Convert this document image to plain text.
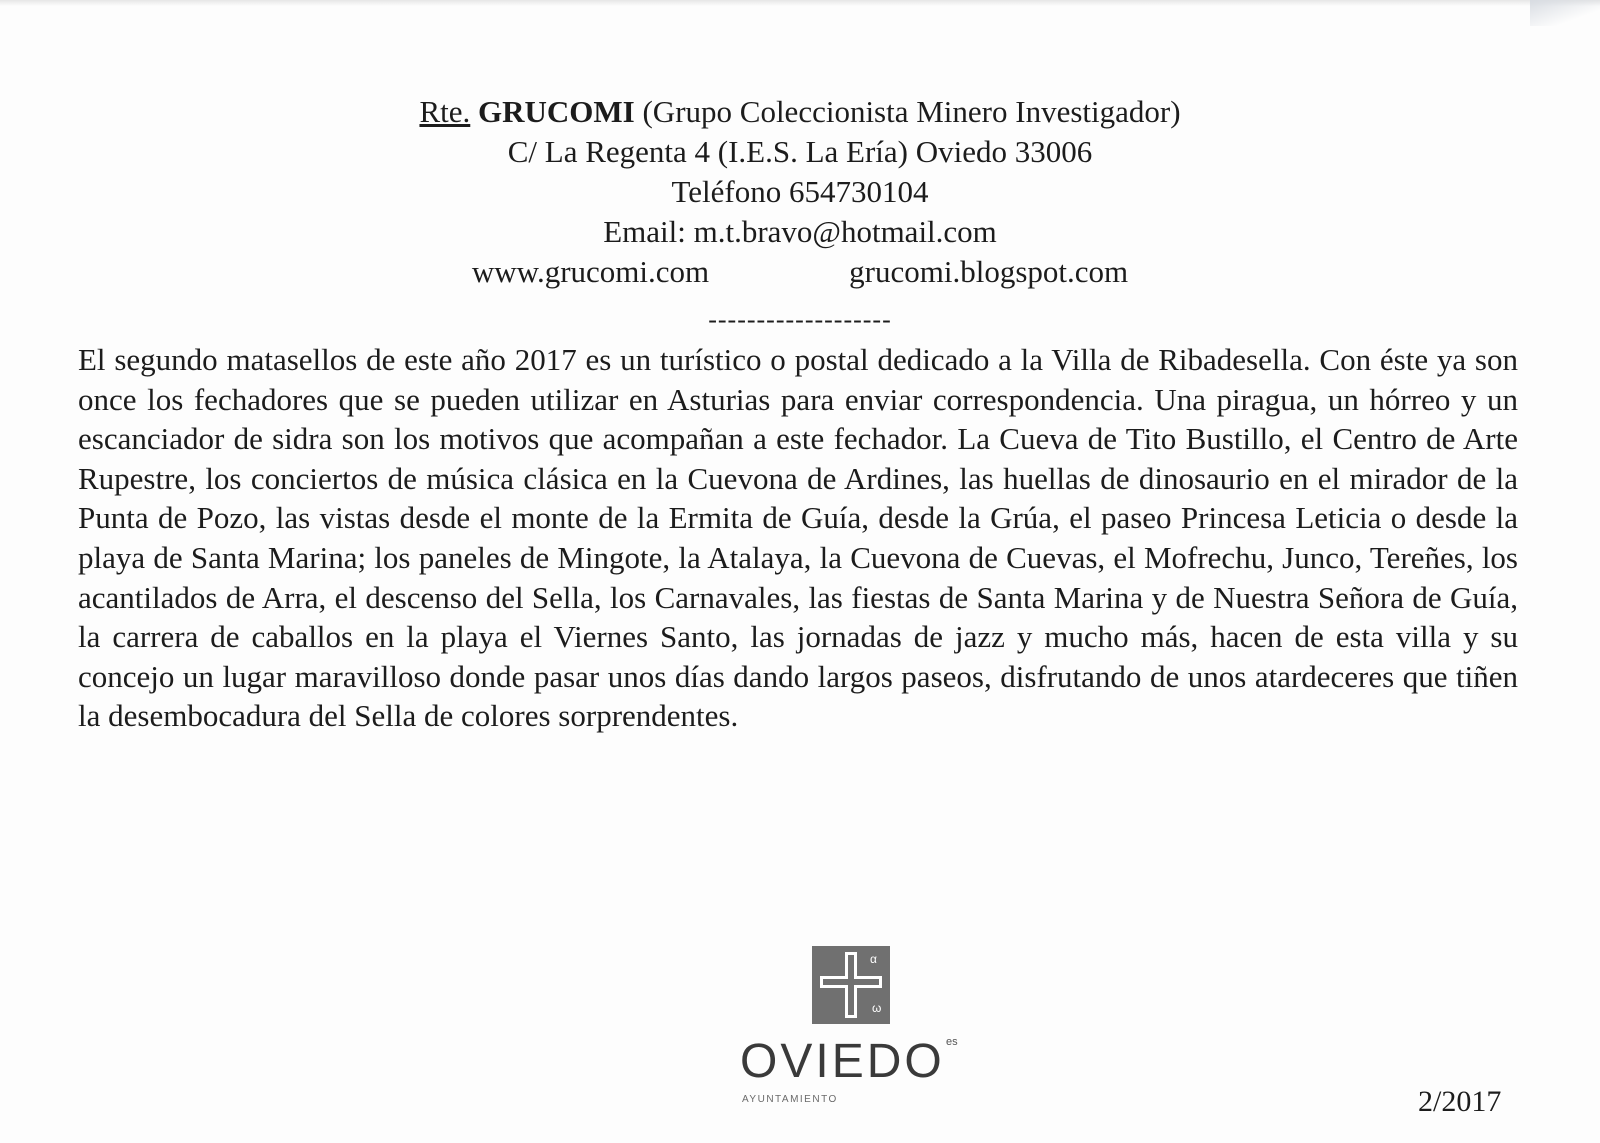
Rte. GRUCOMI (Grupo Coleccionista Minero Investigador)
C/ La Regenta 4 (I.E.S. La Ería) Oviedo 33006
Teléfono 654730104
Email: m.t.bravo@hotmail.com
www.grucomi.com	grucomi.blogspot.com
-------------------

El segundo matasellos de este año 2017 es un turístico o postal dedicado a la Villa de Ribadesella. Con éste ya son once los fechadores que se pueden utilizar en Asturias para enviar correspondencia. Una piragua, un hórreo y un escanciador de sidra son los motivos que acompañan a este fechador. La Cueva de Tito Bustillo, el Centro de Arte Rupestre, los conciertos de música clásica en la Cuevona de Ardines, las huellas de dinosaurio en el mirador de la Punta de Pozo, las vistas desde el monte de la Ermita de Guía, desde la Grúa, el paseo Princesa Leticia o desde la playa de Santa Marina; los paneles de Mingote, la Atalaya, la Cuevona de Cuevas, el Mofrechu, Junco, Tereñes, los acantilados de Arra, el descenso del Sella, los Carnavales, las fiestas de Santa Marina y de Nuestra Señora de Guía, la carrera de caballos en la playa el Viernes Santo, las jornadas de jazz y mucho más, hacen de esta villa y su concejo un lugar maravilloso donde pasar unos días dando largos paseos, disfrutando de unos atardeceres que tiñen la desembocadura del Sella de colores sorprendentes.

α
ω
OVIEDO es
AYUNTAMIENTO	2/2017
